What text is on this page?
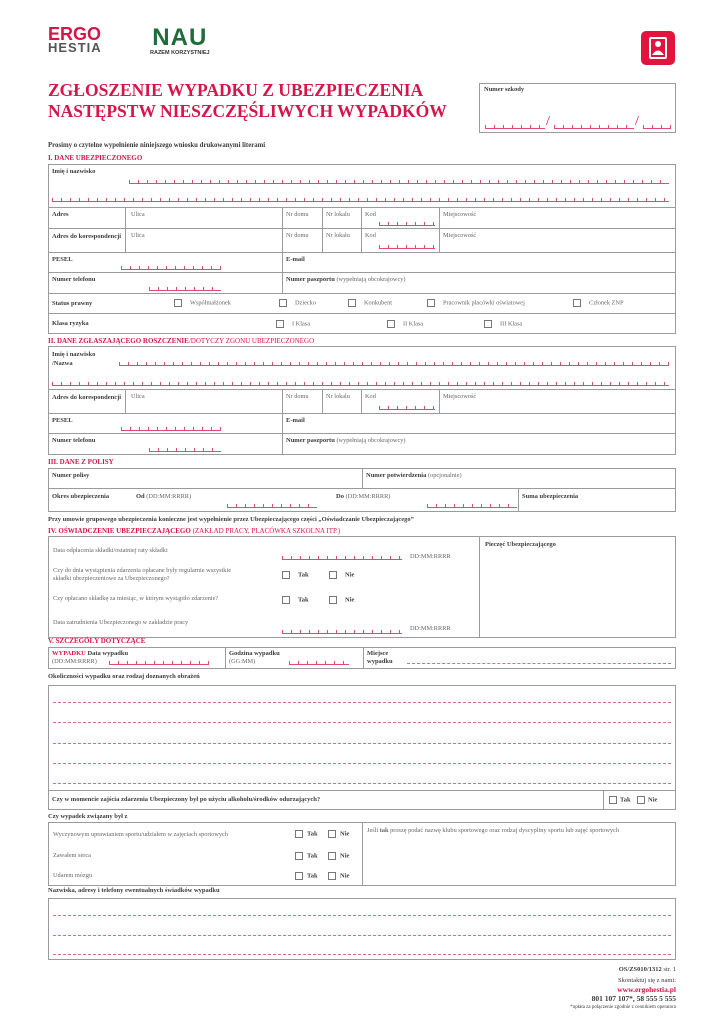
ERGO
HESTIA NAU
RAZEM KORZYSTNIEJ
ZGŁOSZENIE WYPADKU Z UBEZPIECZENIA
NASTĘPSTW NIESZCZĘŚLIWYCH WYPADKÓW
Numer szkody
/	/
Prosimy o czytelne wypełnienie niniejszego wniosku drukowanymi literami
I. DANE UBEZPIECZONEGO
Imię i nazwisko
Adres	Ulica	Nr domu	Nr lokalu Kod	Miejscowość
Adres do korespondencji Ulica	Nr domu	Nr lokalu Kod	Miejscowość
PESEL	E-mail
Numer telefonu	Numer paszportu (wypełniają obcokrajowcy)
Status prawny	Współmałżonek	Dziecko	Konkubent	Pracownik placówki oświatowej	Członek ZNP
Klasa ryzyka	I Klasa	II Klasa	III Klasa
II. DANE ZGŁASZAJĄCEGO ROSZCZENIE/DOTYCZY ZGONU UBEZPIECZONEGO
Imię i nazwisko
/Nazwa
Adres do korespondencji Ulica	Nr domu	Nr lokalu Kod	Miejscowość
PESEL	E-mail
Numer telefonu	Numer paszportu (wypełniają obcokrajowcy)
III. DANE Z POLISY
Numer polisy	Numer potwierdzenia (opcjonalnie)
Okres ubezpieczenia	Od (DD:MM:RRRR)	Do (DD:MM:RRRR)	Suma ubezpieczenia
Przy umowie grupowego ubezpieczenia konieczne jest wypełnienie przez Ubezpieczającego części „Oświadczanie Ubezpieczającego”
IV. OŚWIADCZENIE UBEZPIECZAJĄCEGO (ZAKŁAD PRACY, PLACÓWKA SZKOLNA ITP.)
Pieczęć Ubezpieczającego
Data odpłacenia składki/ostatniej raty składki
DD:MM:RRRR
Czy do dnia wystąpienia zdarzenia opłacane były regularnie wszystkie składki ubezpieczeniowe za Ubezpieczonego?
Tak	Nie
Czy opłacano składkę za miesiąc, w którym wystąpiło zdarzenie?	Tak	Nie
Data zatrudnienia Ubezpieczonego w zakładzie pracy
DD:MM:RRRR
V. SZCZEGÓŁY DOTYCZĄCE
WYPADKU Data wypadku
(DD:MM:RRRR)
Godzina wypadku
(GG:MM)
Miejsce wypadku
Okoliczności wypadku oraz rodzaj doznanych obrażeń
Czy w momencie zajścia zdarzenia Ubezpieczony był po użyciu alkoholu/środków odurzających?	Tak	Nie
Czy wypadek związany był z
Wyczynowym uprawianiem sportu/udziałem w zajęciach sportowych	Tak	Nie
Zawałem serca	Tak	Nie
Udarem mózgu	Tak	Nie
Jeśli tak proszę podać nazwę klubu sportowego oraz rodzaj dyscypliny sportu lub zajęć sportowych
Nazwiska, adresy i telefony ewentualnych świadków wypadku
OS/ZS010/1312 str. 1
Skontaktuj się z nami:
www.ergohestia.pl
801 107 107*, 58 555 5 555
*opłata za połączenie zgodnie z cennikiem operatora
